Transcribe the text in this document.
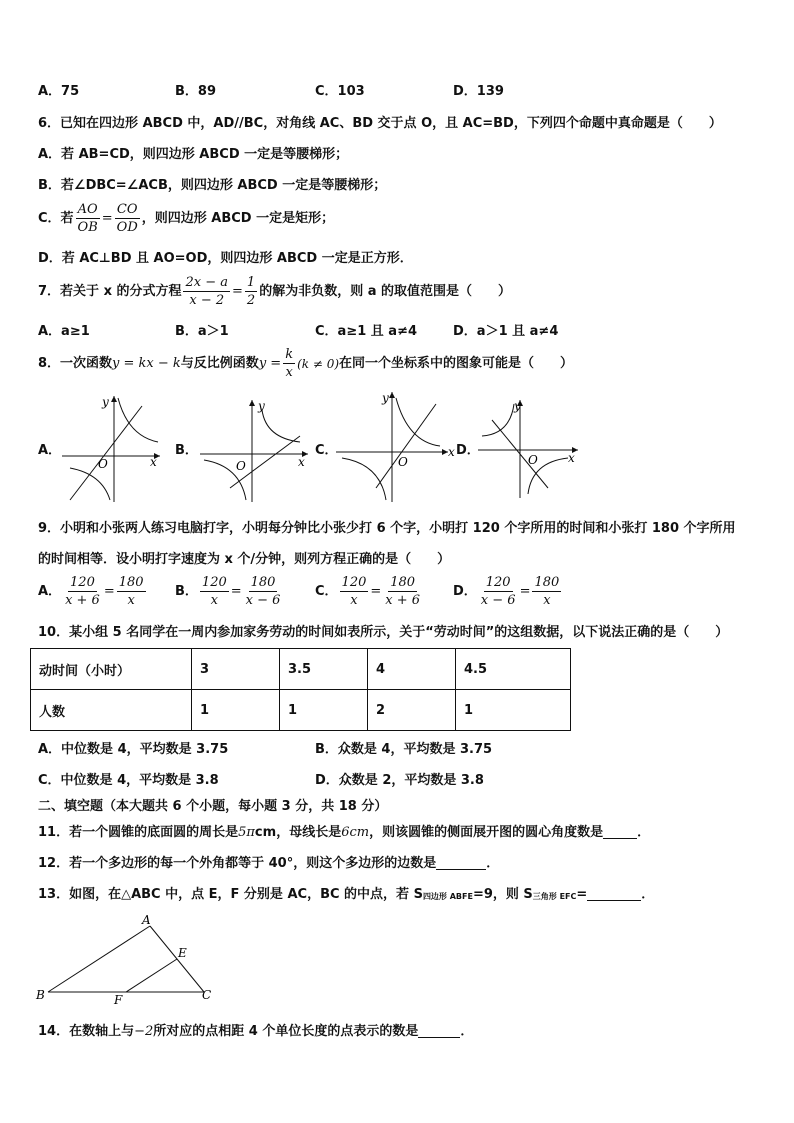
A．75	B．89	C．103	D．139
6．已知在四边形 ABCD 中，AD//BC，对角线 AC、BD 交于点 O，且 AC=BD，下列四个命题中真命题是（　　）
A．若 AB=CD，则四边形 ABCD 一定是等腰梯形；
B．若∠DBC=∠ACB，则四边形 ABCD 一定是等腰梯形；
C．若 $\frac{AO}{OB} = \frac{CO}{OD}$ ，则四边形 ABCD 一定是矩形；
D．若 AC⊥BD 且 AO=OD，则四边形 ABCD 一定是正方形．
7．若关于 x 的分式方程 $\frac{2x - a}{x - 2} = \frac{1}{2}$ 的解为非负数，则 a 的取值范围是（　　）
A．a≥1	B．a＞1	C．a≥1 且 a≠4	D．a＞1 且 a≠4
8．一次函数 y = kx − k 与反比例函数 $y = \frac{k}{x} (k \ne 0)$ 在同一个坐标系中的图象可能是（　　）
A．	B．	C．	D．
x
y
O	x
y
O
x
y
O	x
y
O
9．小明和小张两人练习电脑打字，小明每分钟比小张少打 6 个字，小明打 120 个字所用的时间和小张打 180 个字所用
的时间相等．设小明打字速度为 x 个/分钟，则列方程正确的是（　　）
A． $\frac{120}{x + 6} = \frac{180}{x}$ B． $\frac{120}{x} = \frac{180}{x - 6}$	C． $\frac{120}{x} = \frac{180}{x + 6}$ D． $\frac{120}{x - 6} = \frac{180}{x}$
10．某小组 5 名同学在一周内参加家务劳动的时间如表所示，关于“劳动时间”的这组数据，以下说法正确的是（　　）
动时间（小时）	3	3.5	4	4.5
人数	1	1	2	1
A．中位数是 4，平均数是 3.75	B．众数是 4，平均数是 3.75
C．中位数是 4，平均数是 3.8	D．众数是 2，平均数是 3.8
二、填空题（本大题共 6 个小题，每小题 3 分，共 18 分）
11．若一个圆锥的底面圆的周长是 5π cm ，母线长是 6cm ，则该圆锥的侧面展开图的圆心角度数是	．
12．若一个多边形的每一个外角都等于 40°，则这个多边形的边数是	．
13．如图，在△ABC 中，点 E，F 分别是 AC，BC 的中点，若 S 四边形 ABFE =9，则 S 三角形 EFC =	．
A
B	C
E
F
14．在数轴上与 −2 所对应的点相距 4 个单位长度的点表示的数是	．
